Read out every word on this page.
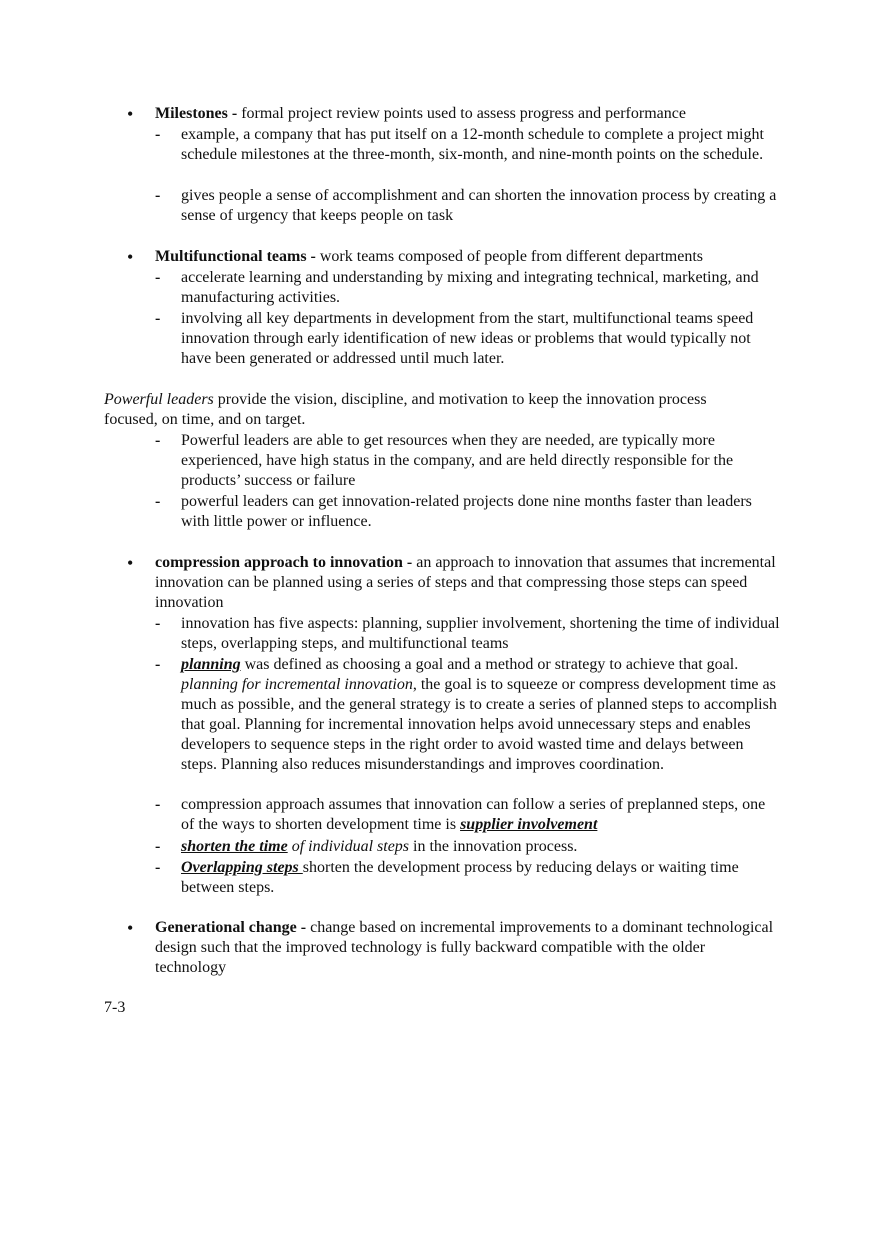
• Milestones - formal project review points used to assess progress and performance
- example, a company that has put itself on a 12-month schedule to complete a project might schedule milestones at the three-month, six-month, and nine-month points on the schedule.
- gives people a sense of accomplishment and can shorten the innovation process by creating a sense of urgency that keeps people on task
• Multifunctional teams - work teams composed of people from different departments
- accelerate learning and understanding by mixing and integrating technical, marketing, and manufacturing activities.
- involving all key departments in development from the start, multifunctional teams speed innovation through early identification of new ideas or problems that would typically not have been generated or addressed until much later.
Powerful leaders provide the vision, discipline, and motivation to keep the innovation process focused, on time, and on target.
- Powerful leaders are able to get resources when they are needed, are typically more experienced, have high status in the company, and are held directly responsible for the products’ success or failure
- powerful leaders can get innovation-related projects done nine months faster than leaders with little power or influence.
• compression approach to innovation - an approach to innovation that assumes that incremental innovation can be planned using a series of steps and that compressing those steps can speed innovation
- innovation has five aspects: planning, supplier involvement, shortening the time of individual steps, overlapping steps, and multifunctional teams
- planning was defined as choosing a goal and a method or strategy to achieve that goal. planning for incremental innovation, the goal is to squeeze or compress development time as much as possible, and the general strategy is to create a series of planned steps to accomplish that goal. Planning for incremental innovation helps avoid unnecessary steps and enables developers to sequence steps in the right order to avoid wasted time and delays between steps. Planning also reduces misunderstandings and improves coordination.
- compression approach assumes that innovation can follow a series of preplanned steps, one of the ways to shorten development time is supplier involvement
- shorten the time of individual steps in the innovation process.
- Overlapping steps shorten the development process by reducing delays or waiting time between steps.
• Generational change - change based on incremental improvements to a dominant technological design such that the improved technology is fully backward compatible with the older technology
7-3
